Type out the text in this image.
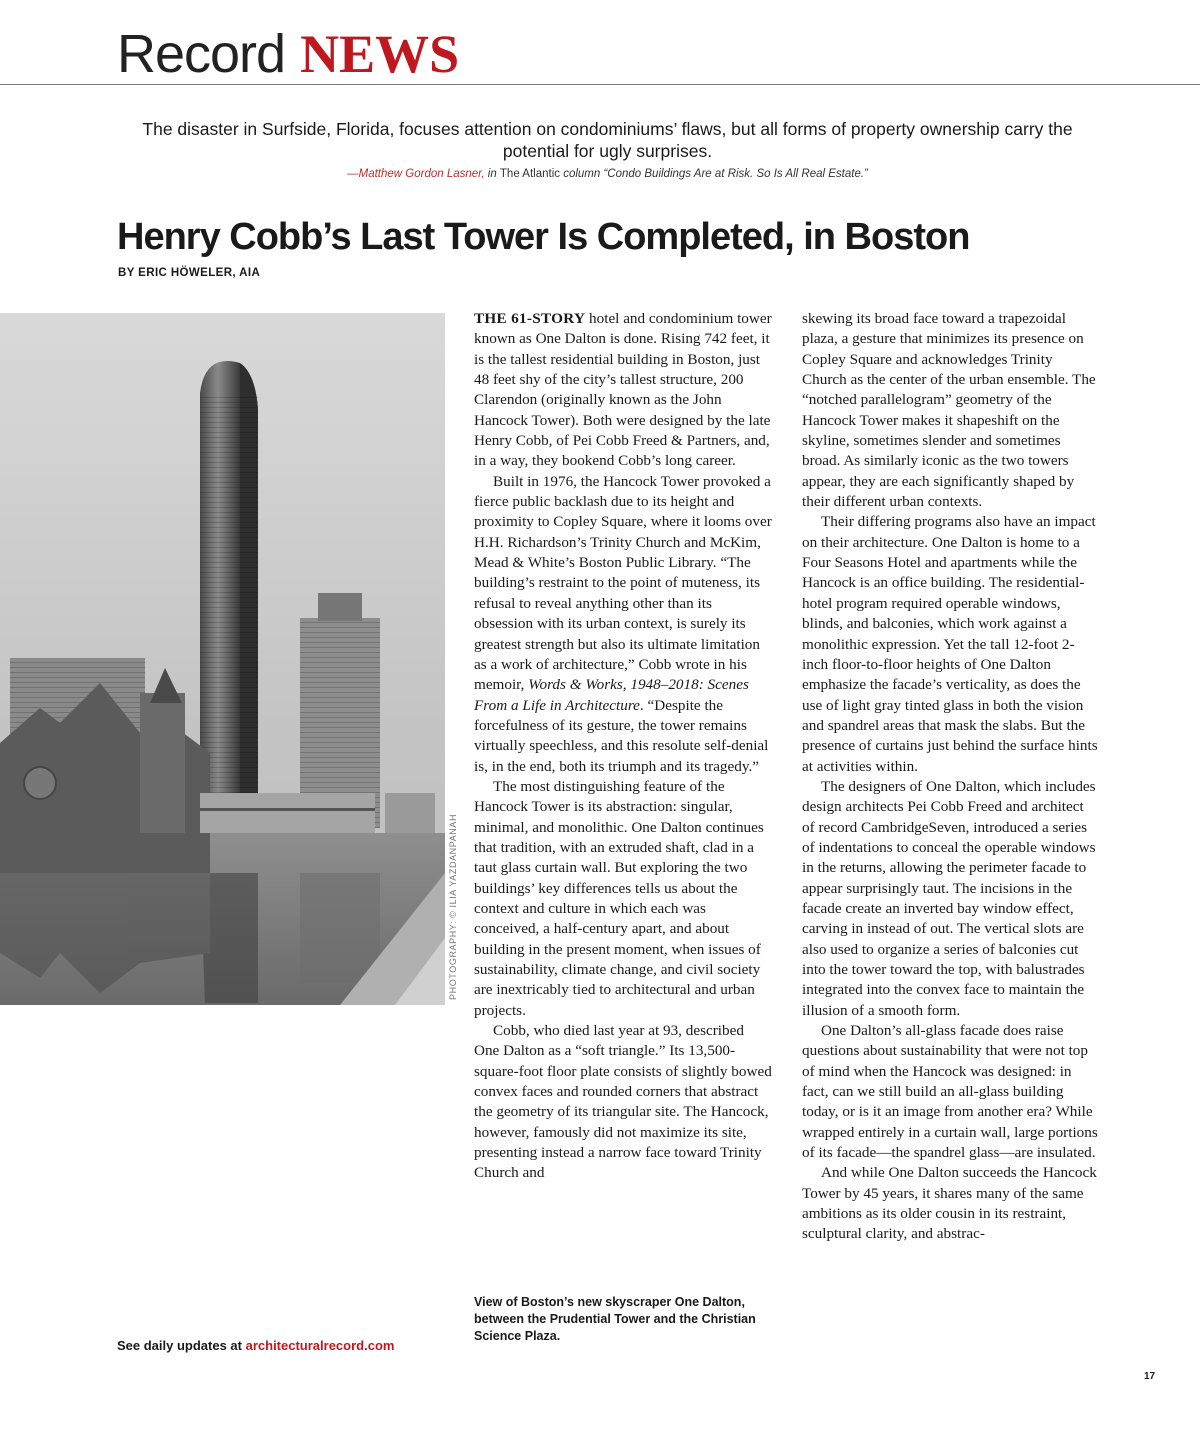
Record NEWS
The disaster in Surfside, Florida, focuses attention on condominiums’ flaws, but all forms of property ownership carry the potential for ugly surprises.
—Matthew Gordon Lasner, in The Atlantic column “Condo Buildings Are at Risk. So Is All Real Estate.”
Henry Cobb’s Last Tower Is Completed, in Boston
BY ERIC HÖWELER, AIA
PHOTOGRAPHY: © ILIA YAZDANPANAH

THE 61-STORY hotel and condominium tower known as One Dalton is done. Rising 742 feet, it is the tallest residential building in Boston, just 48 feet shy of the city’s tallest structure, 200 Clarendon (originally known as the John Hancock Tower). Both were designed by the late Henry Cobb, of Pei Cobb Freed & Partners, and, in a way, they bookend Cobb’s long career.

Built in 1976, the Hancock Tower provoked a fierce public backlash due to its height and proximity to Copley Square, where it looms over H.H. Richardson’s Trinity Church and McKim, Mead & White’s Boston Public Library. “The building’s restraint to the point of muteness, its refusal to reveal anything other than its obsession with its urban context, is surely its greatest strength but also its ultimate limitation as a work of architecture,” Cobb wrote in his memoir, Words & Works, 1948–2018: Scenes From a Life in Architecture. “Despite the forcefulness of its gesture, the tower remains virtually speechless, and this resolute self-denial is, in the end, both its triumph and its tragedy.”

The most distinguishing feature of the Hancock Tower is its abstraction: singular, minimal, and monolithic. One Dalton continues that tradition, with an extruded shaft, clad in a taut glass curtain wall. But exploring the two buildings’ key differences tells us about the context and culture in which each was conceived, a half-century apart, and about building in the present moment, when issues of sustainability, climate change, and civil society are inextricably tied to architectural and urban projects.

Cobb, who died last year at 93, described One Dalton as a “soft triangle.” Its 13,500-square-foot floor plate consists of slightly bowed convex faces and rounded corners that abstract the geometry of its triangular site. The Hancock, however, famously did not maximize its site, presenting instead a narrow face toward Trinity Church and

View of Boston’s new skyscraper One Dalton, between the Prudential Tower and the Christian Science Plaza.

skewing its broad face toward a trapezoidal plaza, a gesture that minimizes its presence on Copley Square and acknowledges Trinity Church as the center of the urban ensemble. The “notched parallelogram” geometry of the Hancock Tower makes it shapeshift on the skyline, sometimes slender and sometimes broad. As similarly iconic as the two towers appear, they are each significantly shaped by their different urban contexts.

Their differing programs also have an impact on their architecture. One Dalton is home to a Four Seasons Hotel and apartments while the Hancock is an office building. The residential-hotel program required operable windows, blinds, and balconies, which work against a monolithic expression. Yet the tall 12-foot 2-inch floor-to-floor heights of One Dalton emphasize the facade’s verticality, as does the use of light gray tinted glass in both the vision and spandrel areas that mask the slabs. But the presence of curtains just behind the surface hints at activities within.

The designers of One Dalton, which includes design architects Pei Cobb Freed and architect of record CambridgeSeven, introduced a series of indentations to conceal the operable windows in the returns, allowing the perimeter facade to appear surprisingly taut. The incisions in the facade create an inverted bay window effect, carving in instead of out. The vertical slots are also used to organize a series of balconies cut into the tower toward the top, with balustrades integrated into the convex face to maintain the illusion of a smooth form.

One Dalton’s all-glass facade does raise questions about sustainability that were not top of mind when the Hancock was designed: in fact, can we still build an all-glass building today, or is it an image from another era? While wrapped entirely in a curtain wall, large portions of its facade—the spandrel glass—are insulated.

And while One Dalton succeeds the Hancock Tower by 45 years, it shares many of the same ambitions as its older cousin in its restraint, sculptural clarity, and abstrac-

See daily updates at architecturalrecord.com
17
